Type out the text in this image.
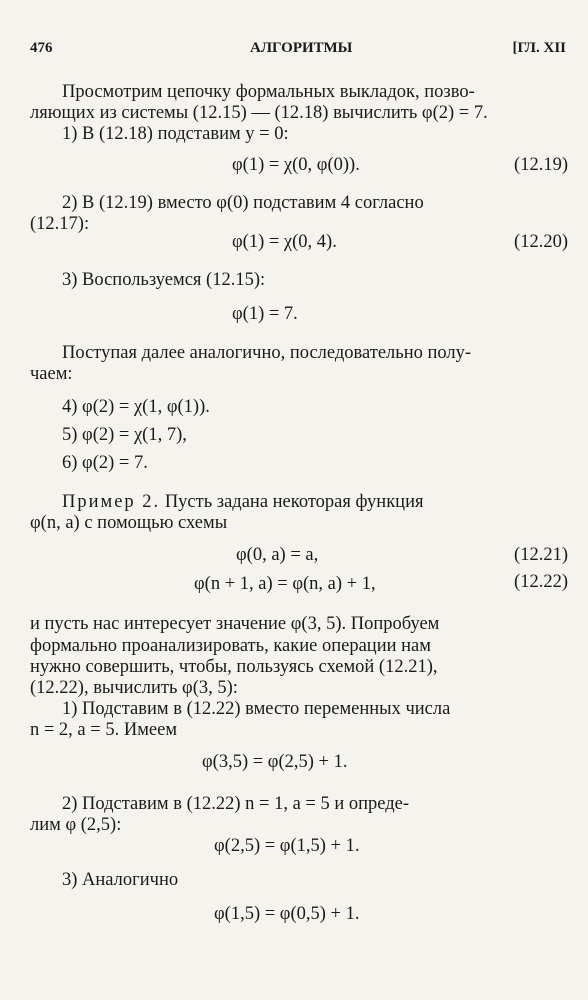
476	АЛГОРИТМЫ	[ГЛ. XII
Просмотрим цепочку формальных выкладок, позво-
ляющих из системы (12.15) — (12.18) вычислить φ(2) = 7.
1) В (12.18) подставим y = 0:
φ(1) = χ(0, φ(0)).	(12.19)
2) В (12.19) вместо φ(0) подставим 4 согласно
(12.17):
φ(1) = χ(0, 4).	(12.20)
3) Воспользуемся (12.15):
φ(1) = 7.
Поступая далее аналогично, последовательно полу-
чаем:
4) φ(2) = χ(1, φ(1)).
5) φ(2) = χ(1, 7),
6) φ(2) = 7.
Пример 2. Пусть задана некоторая функция
φ(n, a) с помощью схемы
φ(0, a) = a,	(12.21)
φ(n + 1, a) = φ(n, a) + 1,	(12.22)
и пусть нас интересует значение φ(3, 5). Попробуем
формально проанализировать, какие операции нам
нужно совершить, чтобы, пользуясь схемой (12.21),
(12.22), вычислить φ(3, 5):
1) Подставим в (12.22) вместо переменных числа
n = 2, a = 5. Имеем
φ(3,5) = φ(2,5) + 1.
2) Подставим в (12.22) n = 1, a = 5 и опреде-
лим φ (2,5):
φ(2,5) = φ(1,5) + 1.
3) Аналогично
φ(1,5) = φ(0,5) + 1.
